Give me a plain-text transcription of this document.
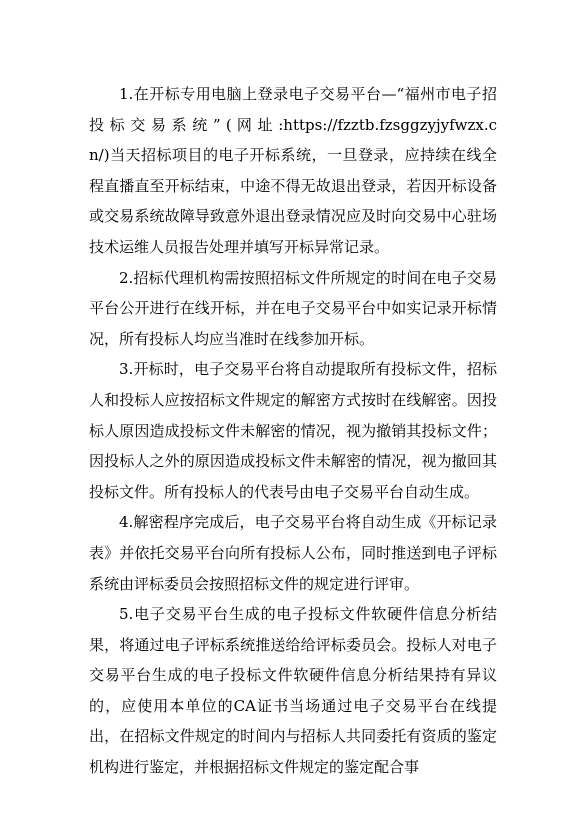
1.在开标专用电脑上登录电子交易平台—“福州市电子招 投 标 交 易 系 统 ” ( 网 址 :https://fzztb.fzsggzyjyfwzx.cn/)当天招标项目的电子开标系统，一旦登录，应持续在线全程直播直至开标结束，中途不得无故退出登录，若因开标设备或交易系统故障导致意外退出登录情况应及时向交易中心驻场技术运维人员报告处理并填写开标异常记录。

2.招标代理机构需按照招标文件所规定的时间在电子交易平台公开进行在线开标，并在电子交易平台中如实记录开标情况，所有投标人均应当准时在线参加开标。

3.开标时，电子交易平台将自动提取所有投标文件，招标人和投标人应按招标文件规定的解密方式按时在线解密。因投标人原因造成投标文件未解密的情况，视为撤销其投标文件；因投标人之外的原因造成投标文件未解密的情况，视为撤回其投标文件。所有投标人的代表号由电子交易平台自动生成。

4.解密程序完成后，电子交易平台将自动生成《开标记录表》并依托交易平台向所有投标人公布，同时推送到电子评标系统由评标委员会按照招标文件的规定进行评审。

5.电子交易平台生成的电子投标文件软硬件信息分析结果，将通过电子评标系统推送给给评标委员会。投标人对电子交易平台生成的电子投标文件软硬件信息分析结果持有异议的，应使用本单位的CA证书当场通过电子交易平台在线提出，在招标文件规定的时间内与招标人共同委托有资质的鉴定机构进行鉴定，并根据招标文件规定的鉴定配合事
